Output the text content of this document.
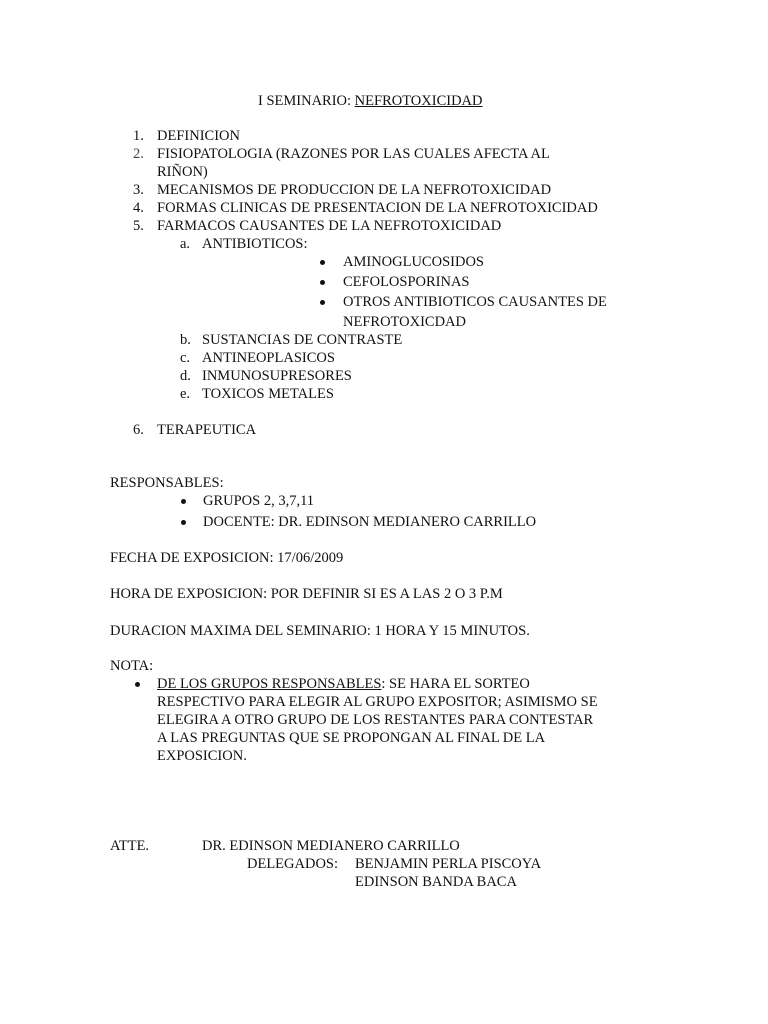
I SEMINARIO: NEFROTOXICIDAD
1. DEFINICION
2. FISIOPATOLOGIA (RAZONES POR LAS CUALES AFECTA AL
RIÑON)
3. MECANISMOS DE PRODUCCION DE LA NEFROTOXICIDAD
4. FORMAS CLINICAS DE PRESENTACION DE LA NEFROTOXICIDAD
5. FARMACOS CAUSANTES DE LA NEFROTOXICIDAD
a. ANTIBIOTICOS:
AMINOGLUCOSIDOS
CEFOLOSPORINAS
OTROS ANTIBIOTICOS CAUSANTES DE
NEFROTOXICDAD
b. SUSTANCIAS DE CONTRASTE
c. ANTINEOPLASICOS
d. INMUNOSUPRESORES
e. TOXICOS METALES
6. TERAPEUTICA
RESPONSABLES:
GRUPOS 2, 3,7,11
DOCENTE: DR. EDINSON MEDIANERO CARRILLO
FECHA DE EXPOSICION: 17/06/2009
HORA DE EXPOSICION: POR DEFINIR SI ES A LAS 2 O 3 P.M
DURACION MAXIMA DEL SEMINARIO: 1 HORA Y 15 MINUTOS.
NOTA:
DE LOS GRUPOS RESPONSABLES: SE HARA EL SORTEO
RESPECTIVO PARA ELEGIR AL GRUPO EXPOSITOR; ASIMISMO SE
ELEGIRA A OTRO GRUPO DE LOS RESTANTES PARA CONTESTAR
A LAS PREGUNTAS QUE SE PROPONGAN AL FINAL DE LA
EXPOSICION.
ATTE.	DR. EDINSON MEDIANERO CARRILLO
DELEGADOS: BENJAMIN PERLA PISCOYA
EDINSON BANDA BACA
